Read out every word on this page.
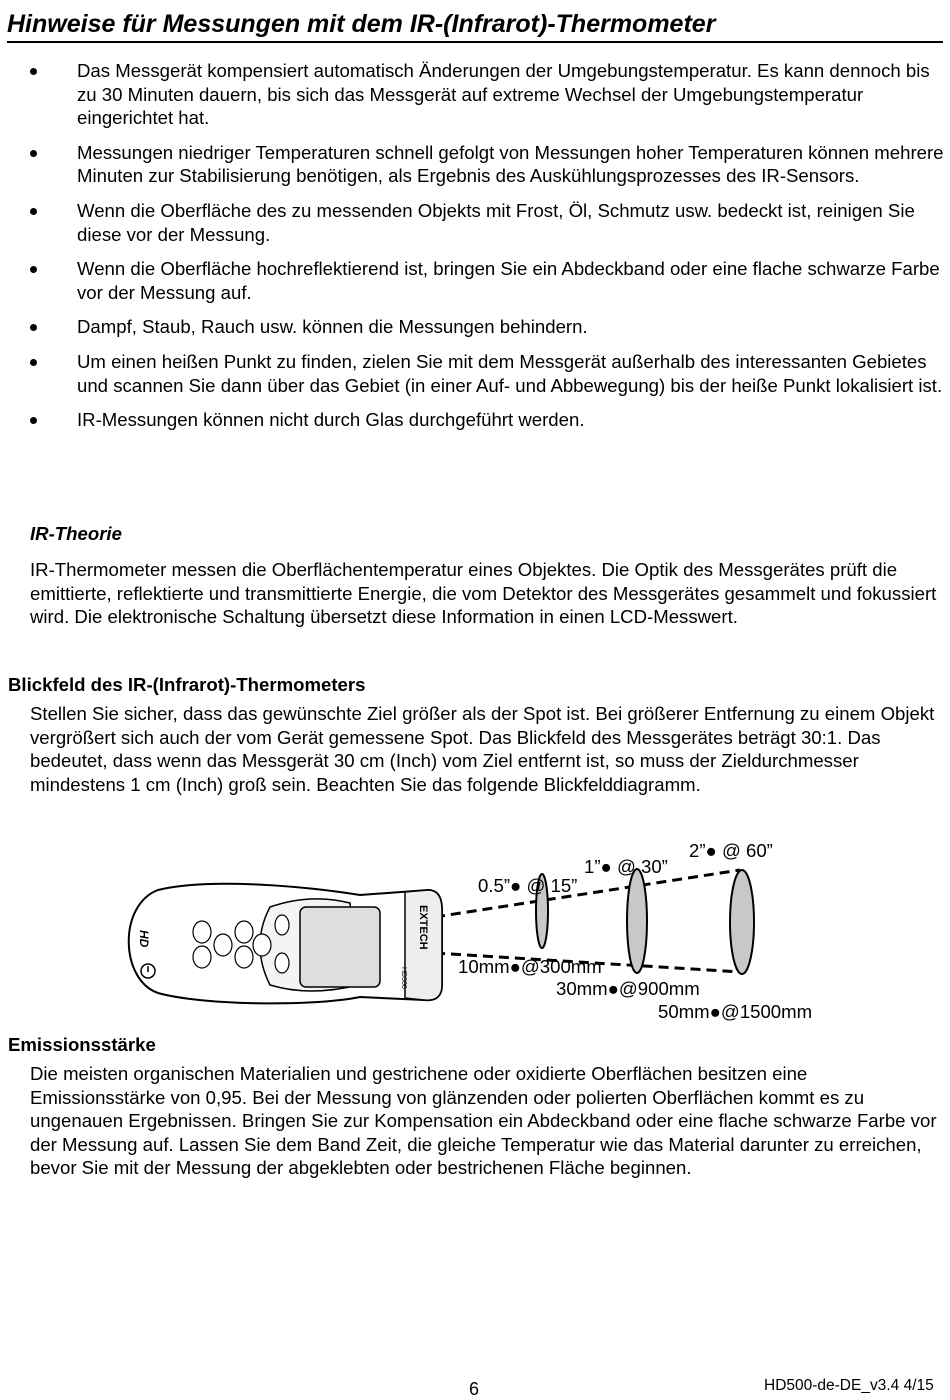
Hinweise für Messungen mit dem IR-(Infrarot)-Thermometer
Das Messgerät kompensiert automatisch Änderungen der Umgebungstemperatur. Es kann dennoch bis zu 30 Minuten dauern, bis sich das Messgerät auf extreme Wechsel der Umgebungstemperatur eingerichtet hat.
Messungen niedriger Temperaturen schnell gefolgt von Messungen hoher Temperaturen können mehrere Minuten zur Stabilisierung benötigen, als Ergebnis des Auskühlungsprozesses des IR-Sensors.
Wenn die Oberfläche des zu messenden Objekts mit Frost, Öl, Schmutz usw. bedeckt ist, reinigen Sie diese vor der Messung.
Wenn die Oberfläche hochreflektierend ist, bringen Sie ein Abdeckband oder eine flache schwarze Farbe vor der Messung auf.
Dampf, Staub, Rauch usw. können die Messungen behindern.
Um einen heißen Punkt zu finden, zielen Sie mit dem Messgerät außerhalb des interessanten Gebietes und scannen Sie dann über das Gebiet (in einer Auf- und Abbewegung) bis der heiße Punkt lokalisiert ist.
IR-Messungen können nicht durch Glas durchgeführt werden.
IR-Theorie

IR-Thermometer messen die Oberflächentemperatur eines Objektes. Die Optik des Messgerätes prüft die emittierte, reflektierte und transmittierte Energie, die vom Detektor des Messgerätes gesammelt und fokussiert wird. Die elektronische Schaltung übersetzt diese Information in einen LCD-Messwert.

Blickfeld des IR-(Infrarot)-Thermometers

Stellen Sie sicher, dass das gewünschte Ziel größer als der Spot ist. Bei größerer Entfernung zu einem Objekt vergrößert sich auch der vom Gerät gemessene Spot. Das Blickfeld des Messgerätes beträgt 30:1. Das bedeutet, dass wenn das Messgerät 30 cm (Inch) vom Ziel entfernt ist, so muss der Zieldurchmesser mindestens 1 cm (Inch) groß sein. Beachten Sie das folgende Blickfelddiagramm.

EXTECH
HD500
HD
0.5”● @ 15”
1”● @ 30”
2”● @ 60”
10mm●@300mm
30mm●@900mm
50mm●@1500mm
Emissionsstärke

Die meisten organischen Materialien und gestrichene oder oxidierte Oberflächen besitzen eine Emissionsstärke von 0,95. Bei der Messung von glänzenden oder polierten Oberflächen kommt es zu ungenauen Ergebnissen. Bringen Sie zur Kompensation ein Abdeckband oder eine flache schwarze Farbe vor der Messung auf. Lassen Sie dem Band Zeit, die gleiche Temperatur wie das Material darunter zu erreichen, bevor Sie mit der Messung der abgeklebten oder bestrichenen Fläche beginnen.

6	HD500-de-DE_v3.4 4/15
